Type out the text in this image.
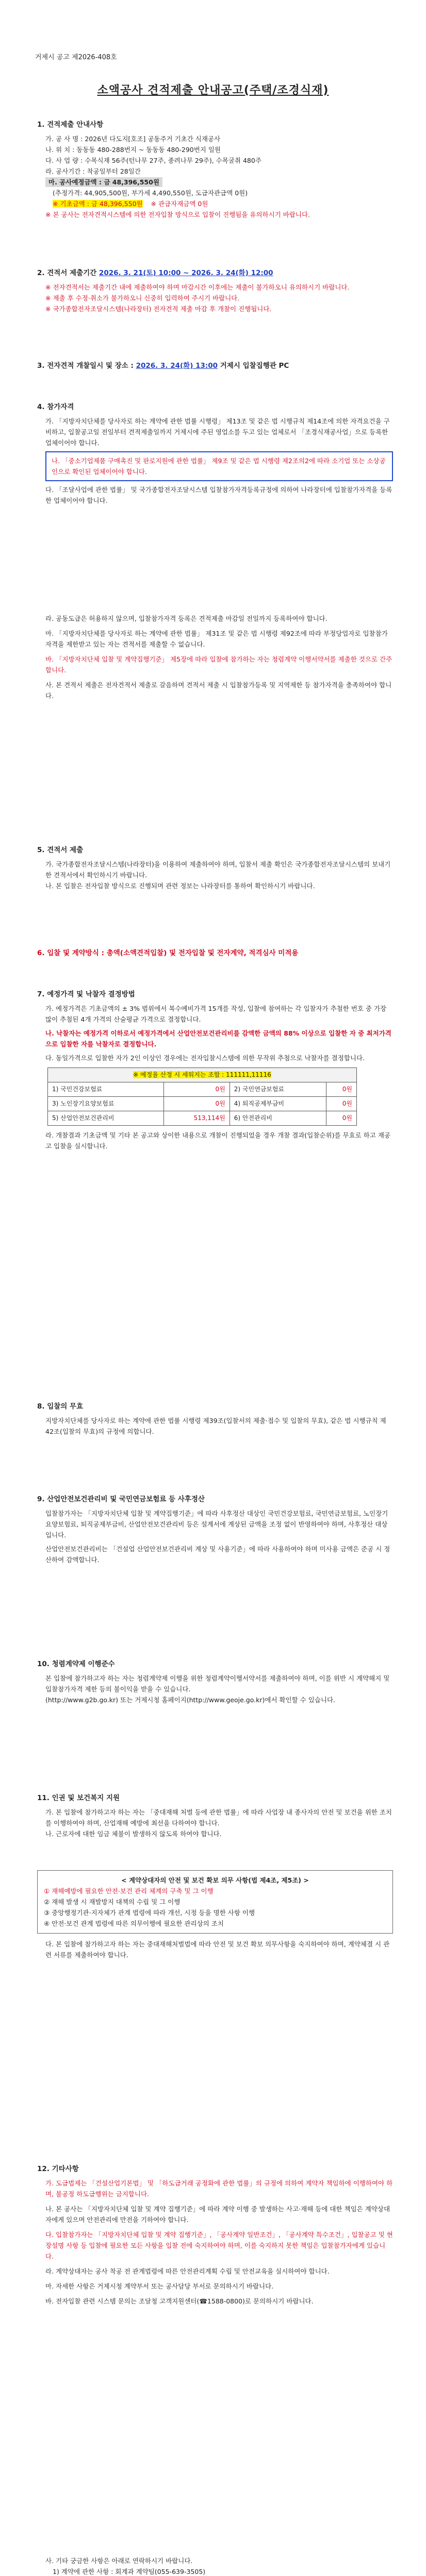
거제시 공고 제2026-408호
소액공사 견적제출 안내공고(주택/조경식재)
1. 견적제출 안내사항
가. 공 사 명 : 2026년 다도지[호조] 공동주거 기초간 식재공사
나. 위 치 : 동동동 480-288번지 ~ 동동동 480-290번지 일원
다. 사 업 량 : 수목식재 56주(턴나무 27주, 종려나무 29주), 수목굴취 480주
라. 공사기간 : 착공일부터 28일간
마. 공사예정금액 : 금 48,396,550원
(추정가격: 44,905,500원, 부가세 4,490,550원, 도급자관급액 0원)
※ 기초금액 : 금 48,396,550원 ※ 관급자재금액 0원
※ 본 공사는 전자견적시스템에 의한 전자입찰 방식으로 입찰이 진행됨을 유의하시기 바랍니다.
2. 견적서 제출기간 2026. 3. 21(토) 10:00 ~ 2026. 3. 24(화) 12:00
※ 전자견적서는 제출기간 내에 제출하여야 하며 마감시간 이후에는 제출이 불가하오니 유의하시기 바랍니다.
※ 제출 후 수정·취소가 불가하오니 신중히 입력하여 주시기 바랍니다.
※ 국가종합전자조달시스템(나라장터) 전자견적 제출 마감 후 개찰이 진행됩니다.
3. 전자견적 개찰일시 및 장소 : 2026. 3. 24(화) 13:00 거제시 입찰집행관 PC
4. 참가자격
가. 「지방자치단체를 당사자로 하는 계약에 관한 법률 시행령」 제13조 및 같은 법 시행규칙 제14조에 의한 자격요건을 구비하고, 입찰공고일 전일부터 견적제출일까지 거제시에 주된 영업소를 두고 있는 업체로서 「조경식재공사업」으로 등록한 업체이어야 합니다.
나. 「중소기업제품 구매촉진 및 판로지원에 관한 법률」 제9조 및 같은 법 시행령 제2조의2에 따라 소기업 또는 소상공인으로 확인된 업체이어야 합니다.
다. 「조달사업에 관한 법률」 및 국가종합전자조달시스템 입찰참가자격등록규정에 의하여 나라장터에 입찰참가자격을 등록한 업체이어야 합니다.
라. 공동도급은 허용하지 않으며, 입찰참가자격 등록은 견적제출 마감일 전일까지 등록하여야 합니다.
마. 「지방자치단체를 당사자로 하는 계약에 관한 법률」 제31조 및 같은 법 시행령 제92조에 따라 부정당업자로 입찰참가자격을 제한받고 있는 자는 견적서를 제출할 수 없습니다.
바. 「지방자치단체 입찰 및 계약집행기준」 제5장에 따라 입찰에 참가하는 자는 청렴계약 이행서약서를 제출한 것으로 간주합니다.
사. 본 견적서 제출은 전자견적서 제출로 갈음하며 견적서 제출 시 입찰참가등록 및 지역제한 등 참가자격을 충족하여야 합니다.
5. 견적서 제출
가. 국가종합전자조달시스템(나라장터)을 이용하여 제출하여야 하며, 입찰서 제출 확인은 국가종합전자조달시스템의 보내기한 견적서에서 확인하시기 바랍니다.
나. 본 입찰은 전자입찰 방식으로 진행되며 관련 정보는 나라장터를 통하여 확인하시기 바랍니다.
6. 입찰 및 계약방식 : 총액(소액견적입찰) 및 전자입찰 및 전자계약, 적격심사 미적용
7. 예정가격 및 낙찰자 결정방법
가. 예정가격은 기초금액의 ± 3% 범위에서 복수예비가격 15개를 작성, 입찰에 참여하는 각 입찰자가 추첨한 번호 중 가장 많이 추첨된 4개 가격의 산술평균 가격으로 결정합니다.
나. 낙찰자는 예정가격 이하로서 예정가격에서 산업안전보건관리비를 감액한 금액의 88% 이상으로 입찰한 자 중 최저가격으로 입찰한 자를 낙찰자로 결정합니다.
다. 동일가격으로 입찰한 자가 2인 이상인 경우에는 전자입찰시스템에 의한 무작위 추첨으로 낙찰자를 결정합니다.
※ 예정율 산정 시 세워지는 조합 : 111111,11116			
1) 국민건강보험료	0원	2) 국민연금보험료	0원
3) 노인장기요양보험료	0원	4) 퇴직공제부금비	0원
5) 산업안전보건관리비	513,114원	6) 안전관리비	0원
라. 개찰결과 기초금액 및 기타 본 공고와 상이한 내용으로 개찰이 진행되었을 경우 개찰 결과(입찰순위)를 무효로 하고 재공고 입찰을 실시합니다.
8. 입찰의 무효
지방자치단체를 당사자로 하는 계약에 관한 법률 시행령 제39조(입찰서의 제출·접수 및 입찰의 무효), 같은 법 시행규칙 제42조(입찰의 무효)의 규정에 의합니다.
9. 산업안전보건관리비 및 국민연금보험료 등 사후정산
입찰참가자는 「지방자치단체 입찰 및 계약집행기준」에 따라 사후정산 대상인 국민건강보험료, 국민연금보험료, 노인장기요양보험료, 퇴직공제부금비, 산업안전보건관리비 등은 설계서에 계상된 금액을 조정 없이 반영하여야 하며, 사후정산 대상입니다.
산업안전보건관리비는 「건설업 산업안전보건관리비 계상 및 사용기준」에 따라 사용하여야 하며 미사용 금액은 준공 시 정산하여 감액합니다.
10. 청렴계약제 이행준수
본 입찰에 참가하고자 하는 자는 청렴계약제 이행을 위한 청렴계약이행서약서를 제출하여야 하며, 이를 위반 시 계약해지 및 입찰참가자격 제한 등의 불이익을 받을 수 있습니다.
(http://www.g2b.go.kr) 또는 거제시청 홈페이지(http://www.geoje.go.kr)에서 확인할 수 있습니다.
11. 인권 및 보건복지 지원
가. 본 입찰에 참가하고자 하는 자는 「중대재해 처벌 등에 관한 법률」에 따라 사업장 내 종사자의 안전 및 보건을 위한 조치를 이행하여야 하며, 산업재해 예방에 최선을 다하여야 합니다.
나. 근로자에 대한 임금 체불이 발생하지 않도록 하여야 합니다.
< 계약상대자의 안전 및 보건 확보 의무 사항(법 제4조, 제5조) >
① 재해예방에 필요한 안전·보건 관리 체계의 구축 및 그 이행
② 재해 발생 시 재발방지 대책의 수립 및 그 이행
③ 중앙행정기관·지자체가 관계 법령에 따라 개선, 시정 등을 명한 사항 이행
④ 안전·보건 관계 법령에 따른 의무이행에 필요한 관리상의 조치
다. 본 입찰에 참가하고자 하는 자는 중대재해처벌법에 따라 안전 및 보건 확보 의무사항을 숙지하여야 하며, 계약체결 시 관련 서류를 제출하여야 합니다.
12. 기타사항
가. 도급법제는 「건설산업기본법」 및 「하도급거래 공정화에 관한 법률」의 규정에 의하여 계약자 책임하에 이행하여야 하며, 불공정 하도급행위는 금지합니다.
나. 본 공사는 「지방자치단체 입찰 및 계약 집행기준」에 따라 계약 이행 중 발생하는 사고·재해 등에 대한 책임은 계약상대자에게 있으며 안전관리에 만전을 기하여야 합니다.
다. 입찰참가자는 「지방자치단체 입찰 및 계약 집행기준」, 「공사계약 일반조건」, 「공사계약 특수조건」, 입찰공고 및 현장설명 사항 등 입찰에 필요한 모든 사항을 입찰 전에 숙지하여야 하며, 이를 숙지하지 못한 책임은 입찰참가자에게 있습니다.
라. 계약상대자는 공사 착공 전 관계법령에 따른 안전관리계획 수립 및 안전교육을 실시하여야 합니다.
마. 자세한 사항은 거제시청 계약부서 또는 공사담당 부서로 문의하시기 바랍니다.
바. 전자입찰 관련 시스템 문의는 조달청 고객지원센터(☎1588-0800)로 문의하시기 바랍니다.
사. 기타 궁금한 사항은 아래로 연락하시기 바랍니다.
1) 계약에 관한 사항 : 회계과 계약팀(055-639-3505)
